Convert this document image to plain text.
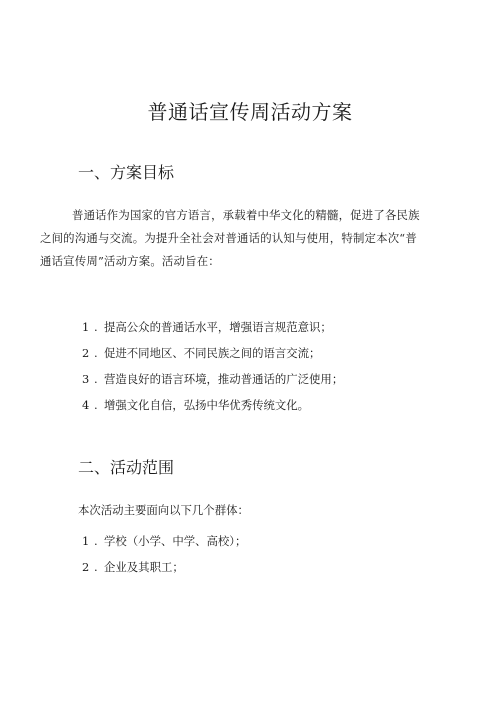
普通话宣传周活动方案
一、方案目标
普通话作为国家的官方语言，承载着中华文化的精髓，促进了各民族
之间的沟通与交流。为提升全社会对普通话的认知与使用，特制定本次“普
通话宣传周”活动方案。活动旨在：
1 . 提高公众的普通话水平，增强语言规范意识；
2 . 促进不同地区、不同民族之间的语言交流；
3 . 营造良好的语言环境，推动普通话的广泛使用；
4 . 增强文化自信，弘扬中华优秀传统文化。
二、活动范围
本次活动主要面向以下几个群体：
1 . 学校（小学、中学、高校）；
2 . 企业及其职工；
